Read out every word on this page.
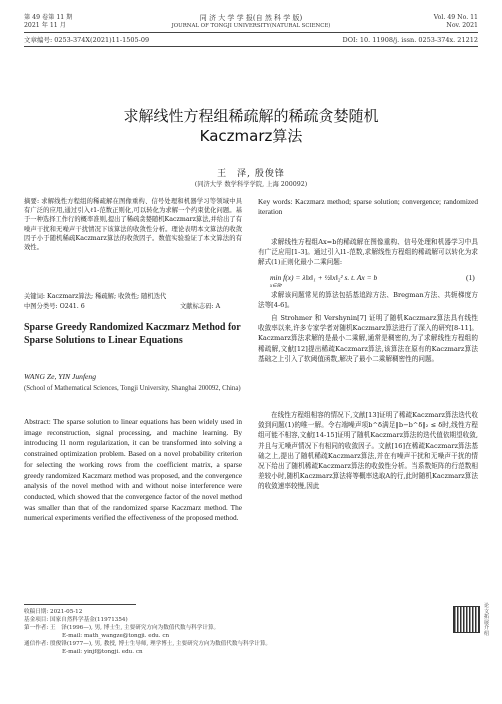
第 49 卷第 11 期
2021 年 11 月
同 济 大 学 学 报(自 然 科 学 版)
JOURNAL OF TONGJI UNIVERSITY(NATURAL SCIENCE)
Vol. 49 No. 11
Nov. 2021
文章编号: 0253-374X(2021)11-1505-09	DOI: 10. 11908/j. issn. 0253-374x. 21212
求解线性方程组稀疏解的稀疏贪婪随机
Kaczmarz算法
王　泽, 殷俊锋
(同济大学 数学科学学院, 上海 200092)
摘要: 求解线性方程组的稀疏解在图像重构、信号处理和机器学习等领域中具有广泛的应用,通过引入ℓ1-范数正则化,可以转化为求解一个约束优化问题。基于一种选择工作行的概率准则,提出了稀疏贪婪随机Kaczmarz算法,并给出了有噪声干扰和无噪声干扰情况下该算法的收敛性分析。理论表明本文算法的收敛因子小于随机稀疏Kaczmarz算法的收敛因子。数值实验验证了本文算法的有效性。
关键词: Kaczmarz算法; 稀疏解; 收敛性; 随机迭代
中图分类号: O241. 6	文献标志码: A
Sparse Greedy Randomized Kaczmarz Method for Sparse Solutions to Linear Equations
WANG Ze, YIN Junfeng
(School of Mathematical Sciences, Tongji University, Shanghai 200092, China)
Abstract: The sparse solution to linear equations has been widely used in image reconstruction, signal processing, and machine learning. By introducing l1 norm regularization, it can be transformed into solving a constrained optimization problem. Based on a novel probability criterion for selecting the working rows from the coefficient matrix, a sparse greedy randomized Kaczmarz method was proposed, and the convergence analysis of the novel method with and without noise interference were conducted, which showed that the convergence factor of the novel method was smaller than that of the randomized sparse Kaczmarz method. The numerical experiments verified the effectiveness of the proposed method.
Key words: Kaczmarz method; sparse solution; convergence; randomized iteration
求解线性方程组Ax=b的稀疏解在图像重构、信号处理和机器学习中具有广泛应用[1-3]。通过引入l1-范数,求解线性方程组的稀疏解可以转化为求解式(1)正则化最小二乘问题:
min f(x) = λ‖x‖₁ + ½‖x‖₂² s. t. Ax = b
x∈ℝⁿ
(1)
求解该问题常见的算法包括基追踪方法、Bregman方法、共轭梯度方法等[4-6]。
自 Strohmer 和 Vershynin[7] 证明了随机Kaczmarz算法具有线性收敛率以来,许多专家学者对随机Kaczmarz算法进行了深入的研究[8-11]。Kaczmarz算法求解的是最小二乘解,通常是稠密的,为了求解线性方程组的稀疏解,文献[12]提出稀疏Kaczmarz算法,该算法在原有的Kaczmarz算法基础之上引入了软阈值函数,解决了最小二乘解稠密性的问题。
在线性方程组相容的情况下,文献[13]证明了稀疏Kaczmarz算法迭代收敛到问题(1)的唯一解。令右端噪声项b^δ满足‖b−b^δ‖₂ ≤ δ时,线性方程组可能不相容,文献[14-15]证明了随机Kaczmarz算法的迭代值依期望收敛,并且与无噪声情况下有相同的收敛因子。文献[16]在稀疏Kaczmarz算法基础之上,提出了随机稀疏Kaczmarz算法,并在有噪声干扰和无噪声干扰的情况下给出了随机稀疏Kaczmarz算法的收敛性分析。当系数矩阵的行范数相差较小时,随机Kaczmarz算法将等概率选取A的行,此时随机Kaczmarz算法的收敛速率较慢,因此
收稿日期: 2021-05-12
基金项目: 国家自然科学基金(11971354)
第一作者: 王　泽(1996—), 男, 博士生, 主要研究方向为数值代数与科学计算。
E-mail: math_wangze@tongji. edu. cn
通信作者: 殷俊锋(1977—), 男, 教授, 博士生导师, 理学博士, 主要研究方向为数值代数与科学计算。
E-mail: yinjf@tongji. edu. cn
论文拓展介绍
